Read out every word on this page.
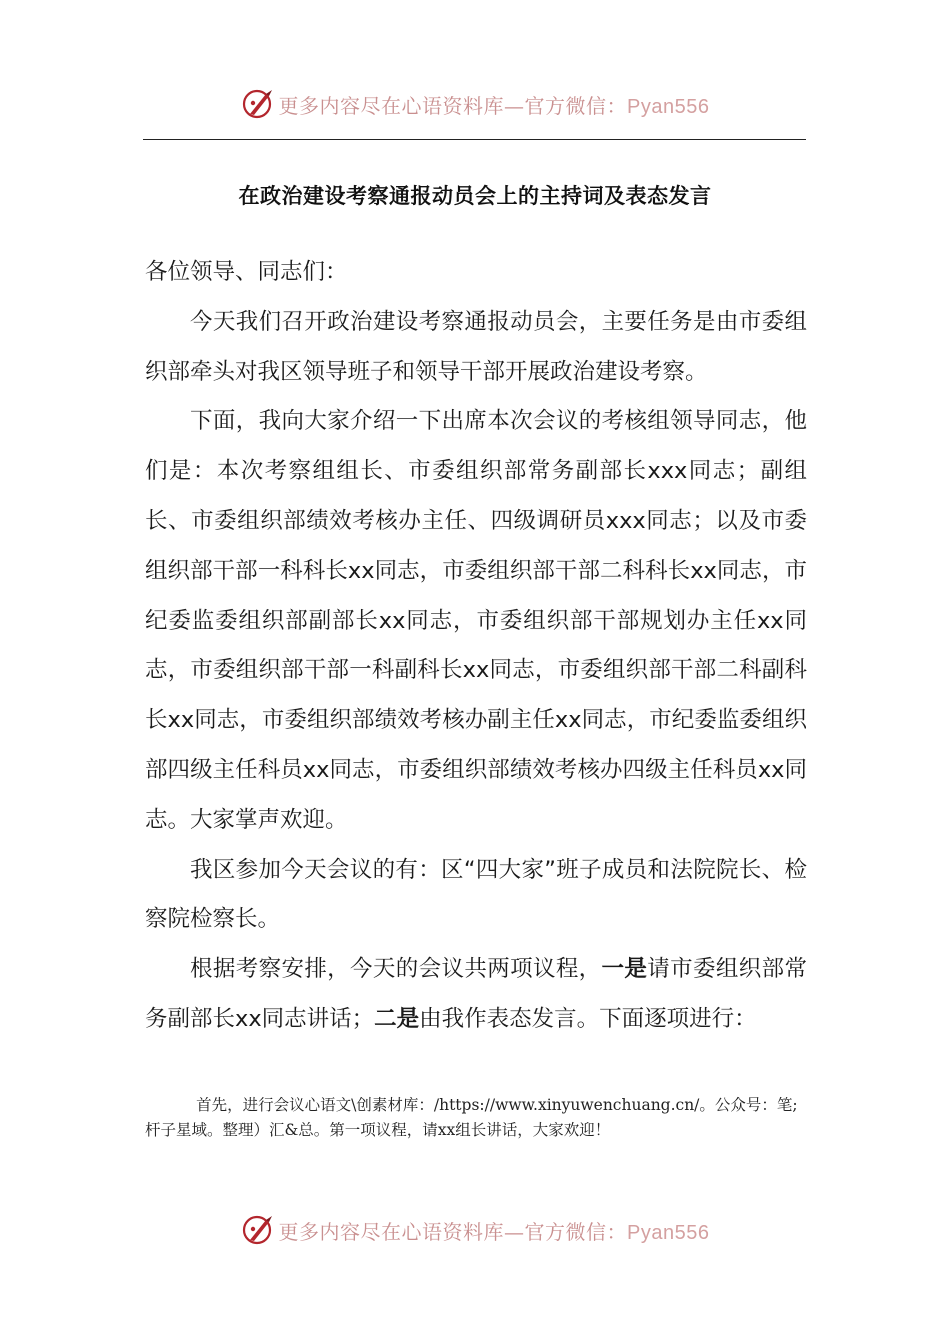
更多内容尽在心语资料库—官方微信：Pyan556
在政治建设考察通报动员会上的主持词及表态发言

各位领导、同志们：

今天我们召开政治建设考察通报动员会，主要任务是由市委组织部牵头对我区领导班子和领导干部开展政治建设考察。

下面，我向大家介绍一下出席本次会议的考核组领导同志，他们是：本次考察组组长、市委组织部常务副部长xxx同志；副组长、市委组织部绩效考核办主任、四级调研员xxx同志；以及市委组织部干部一科科长xx同志，市委组织部干部二科科长xx同志，市纪委监委组织部副部长xx同志，市委组织部干部规划办主任xx同志，市委组织部干部一科副科长xx同志，市委组织部干部二科副科长xx同志，市委组织部绩效考核办副主任xx同志，市纪委监委组织部四级主任科员xx同志，市委组织部绩效考核办四级主任科员xx同志。大家掌声欢迎。

我区参加今天会议的有：区“四大家”班子成员和法院院长、检察院检察长。

根据考察安排，今天的会议共两项议程，一是请市委组织部常务副部长xx同志讲话；二是由我作表态发言。下面逐项进行：

首先，进行会议心语文\创素材库：/https://www.xinyuwenchuang.cn/。公众号：笔;杆子星域。整理）汇&总。第一项议程，请xx组长讲话，大家欢迎！

更多内容尽在心语资料库—官方微信：Pyan556
